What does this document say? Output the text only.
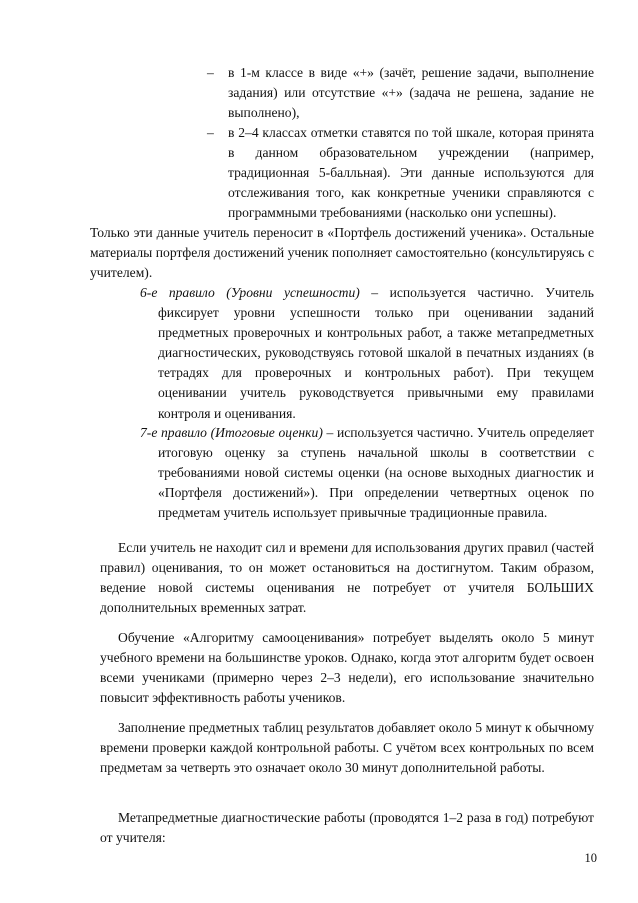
– в 1-м классе в виде «+» (зачёт, решение задачи, выполнение задания) или отсутствие «+» (задача не решена, задание не выполнено),
– в 2–4 классах отметки ставятся по той шкале, которая принята в данном образовательном учреждении (например, традиционная 5-балльная). Эти данные используются для отслеживания того, как конкретные ученики справляются с программными требованиями (насколько они успешны).
Только эти данные учитель переносит в «Портфель достижений ученика». Остальные материалы портфеля достижений ученик пополняет самостоятельно (консультируясь с учителем).
6-е правило (Уровни успешности) – используется частично. Учитель фиксирует уровни успешности только при оценивании заданий предметных проверочных и контрольных работ, а также метапредметных диагностических, руководствуясь готовой шкалой в печатных изданиях (в тетрадях для проверочных и контрольных работ). При текущем оценивании учитель руководствуется привычными ему правилами контроля и оценивания.
7-е правило (Итоговые оценки) – используется частично. Учитель определяет итоговую оценку за ступень начальной школы в соответствии с требованиями новой системы оценки (на основе выходных диагностик и «Портфеля достижений»). При определении четвертных оценок по предметам учитель использует привычные традиционные правила.
Если учитель не находит сил и времени для использования других правил (частей правил) оценивания, то он может остановиться на достигнутом. Таким образом, ведение новой системы оценивания не потребует от учителя БОЛЬШИХ дополнительных временных затрат.
Обучение «Алгоритму самооценивания» потребует выделять около 5 минут учебного времени на большинстве уроков. Однако, когда этот алгоритм будет освоен всеми учениками (примерно через 2–3 недели), его использование значительно повысит эффективность работы учеников.
Заполнение предметных таблиц результатов добавляет около 5 минут к обычному времени проверки каждой контрольной работы. С учётом всех контрольных по всем предметам за четверть это означает около 30 минут дополнительной работы.
Метапредметные диагностические работы (проводятся 1–2 раза в год) потребуют от учителя:
10
